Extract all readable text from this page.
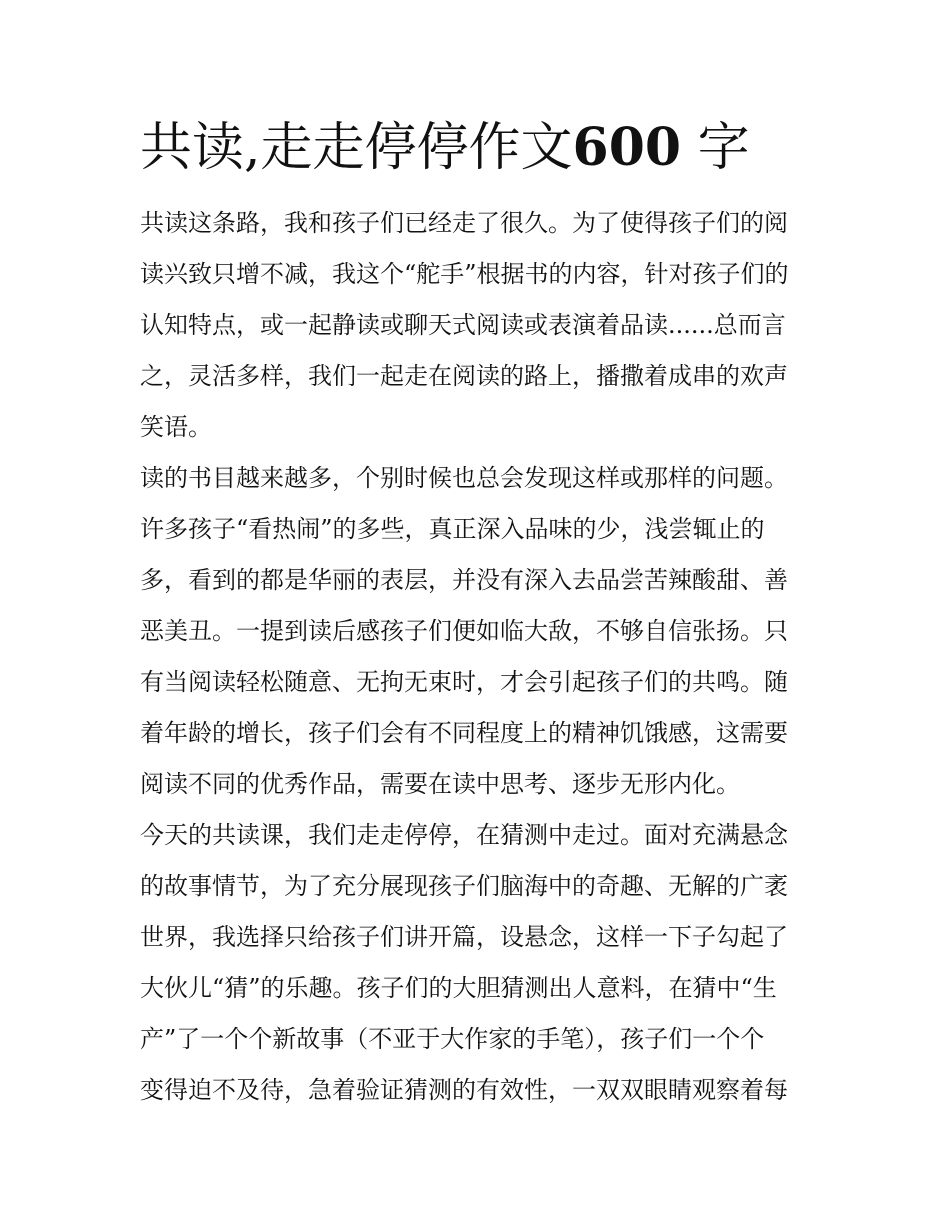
共读,走走停停作文600 字
共读这条路，我和孩子们已经走了很久。为了使得孩子们的阅
读兴致只增不减，我这个“舵手”根据书的内容，针对孩子们的
认知特点，或一起静读或聊天式阅读或表演着品读......总而言
之，灵活多样，我们一起走在阅读的路上，播撒着成串的欢声
笑语。
读的书目越来越多，个别时候也总会发现这样或那样的问题。
许多孩子“看热闹”的多些，真正深入品味的少，浅尝辄止的
多，看到的都是华丽的表层，并没有深入去品尝苦辣酸甜、善
恶美丑。一提到读后感孩子们便如临大敌，不够自信张扬。只
有当阅读轻松随意、无拘无束时，才会引起孩子们的共鸣。随
着年龄的增长，孩子们会有不同程度上的精神饥饿感，这需要
阅读不同的优秀作品，需要在读中思考、逐步无形内化。
今天的共读课，我们走走停停，在猜测中走过。面对充满悬念
的故事情节，为了充分展现孩子们脑海中的奇趣、无解的广袤
世界，我选择只给孩子们讲开篇，设悬念，这样一下子勾起了
大伙儿“猜”的乐趣。孩子们的大胆猜测出人意料，在猜中“生
产”了一个个新故事（不亚于大作家的手笔），孩子们一个个
变得迫不及待，急着验证猜测的有效性，一双双眼睛观察着每
